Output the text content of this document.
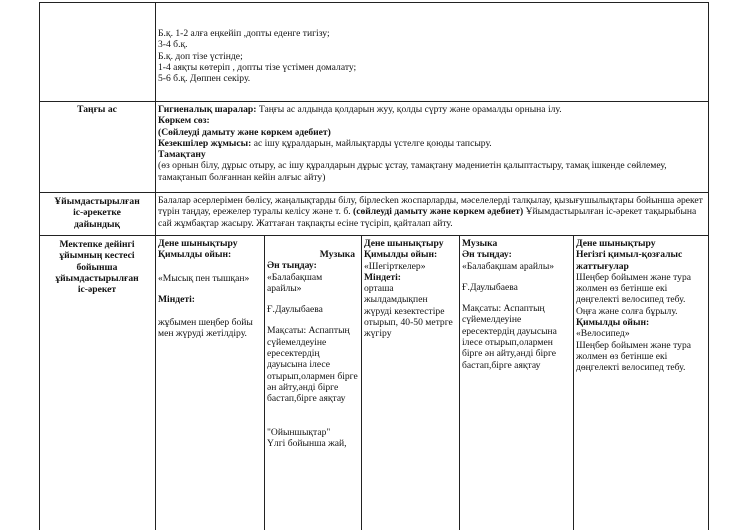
Б.қ. 1-2 алға еңкейіп ,допты еденге тигізу;

3-4 б.қ.

Б.қ. доп тізе үстінде;

1-4 аяқты көтеріп , допты тізе үстімен домалату;

5-6 б.қ. Дөппен секіру.

Таңғы ас	Гигиеналық шаралар: Таңғы ас алдында қолдарын жуу, қолды сүрту және орамалды орнына ілу.

Көркем сөз:

(Сөйлеуді дамыту және көркем әдебиет)

Кезекшілер жұмысы: ас ішу құралдарын, майлықтарды үстелге қоюды тапсыру.

Тамақтану

(өз орнын білу, дұрыс отыру, ас ішу құралдарын дұрыс ұстау, тамақтану мәдениетін қалыптастыру, тамақ ішкенде сөйлемеу, тамақтанып болғаннан кейін алғыс айту)

Ұйымдастырылған

іс-әрекетке

дайындық

Балалар әсерлерімен бөлісу, жаңалықтарды білу, бірлесken жоспарларды, мәселелерді талқылау, қызығушылықтары бойынша әрекет түрін таңдау, ережелер туралы келісу және т. б. (сөйлеуді дамыту және көркем әдебиет) Ұйымдастырылған іс-әрекет тақырыбына сай жұмбақтар жасыру. Жаттаған тақпақты есіне түсіріп, қайталап айту.

Мектепке дейінгі

ұйымның кестесі

бойынша

ұйымдастырылған

іс-әрекет

Дене шынықтыру

Қимылды ойын:

«Мысық пен тышқан»

Міндеті:

жұбымен шеңбер бойы мен жүруді жетілдіру.

Музыка

Ән тыңдау:

«Балабақшам арайлы»

Ғ.Даулыбаева

Мақсаты: Аспаптың сүйемелдеуіне ересектердің дауысына ілесе отырып,олармен бірге ән айту,әнді бірге бастап,бірге аяқтау

"Ойыншықтар"

Үлгі бойынша жай,

Дене шынықтыру

Қимылды ойын:

«Шегірткелер»

Міндеті:

орташа жылдамдықпен жүруді кезектестіре отырып, 40-50 метрге жүгіру

Музыка

Ән тыңдау:

«Балабақшам арайлы»

Ғ.Даулыбаева

Мақсаты: Аспаптың сүйемелдеуіне ересектердің дауысына ілесе отырып,олармен бірге ән айту,әнді бірге бастап,бірге аяқтау

Дене шынықтыру

Негізгі қимыл-қозғалыс жаттығулар

Шеңбер бойымен және тура жолмен өз бетінше екі дөңгелекті велосипед тебу. Оңға және солға бұрылу.

Қимылды ойын:

«Велосипед»

Шеңбер бойымен және тура жолмен өз бетінше екі дөңгелекті велосипед тебу.
